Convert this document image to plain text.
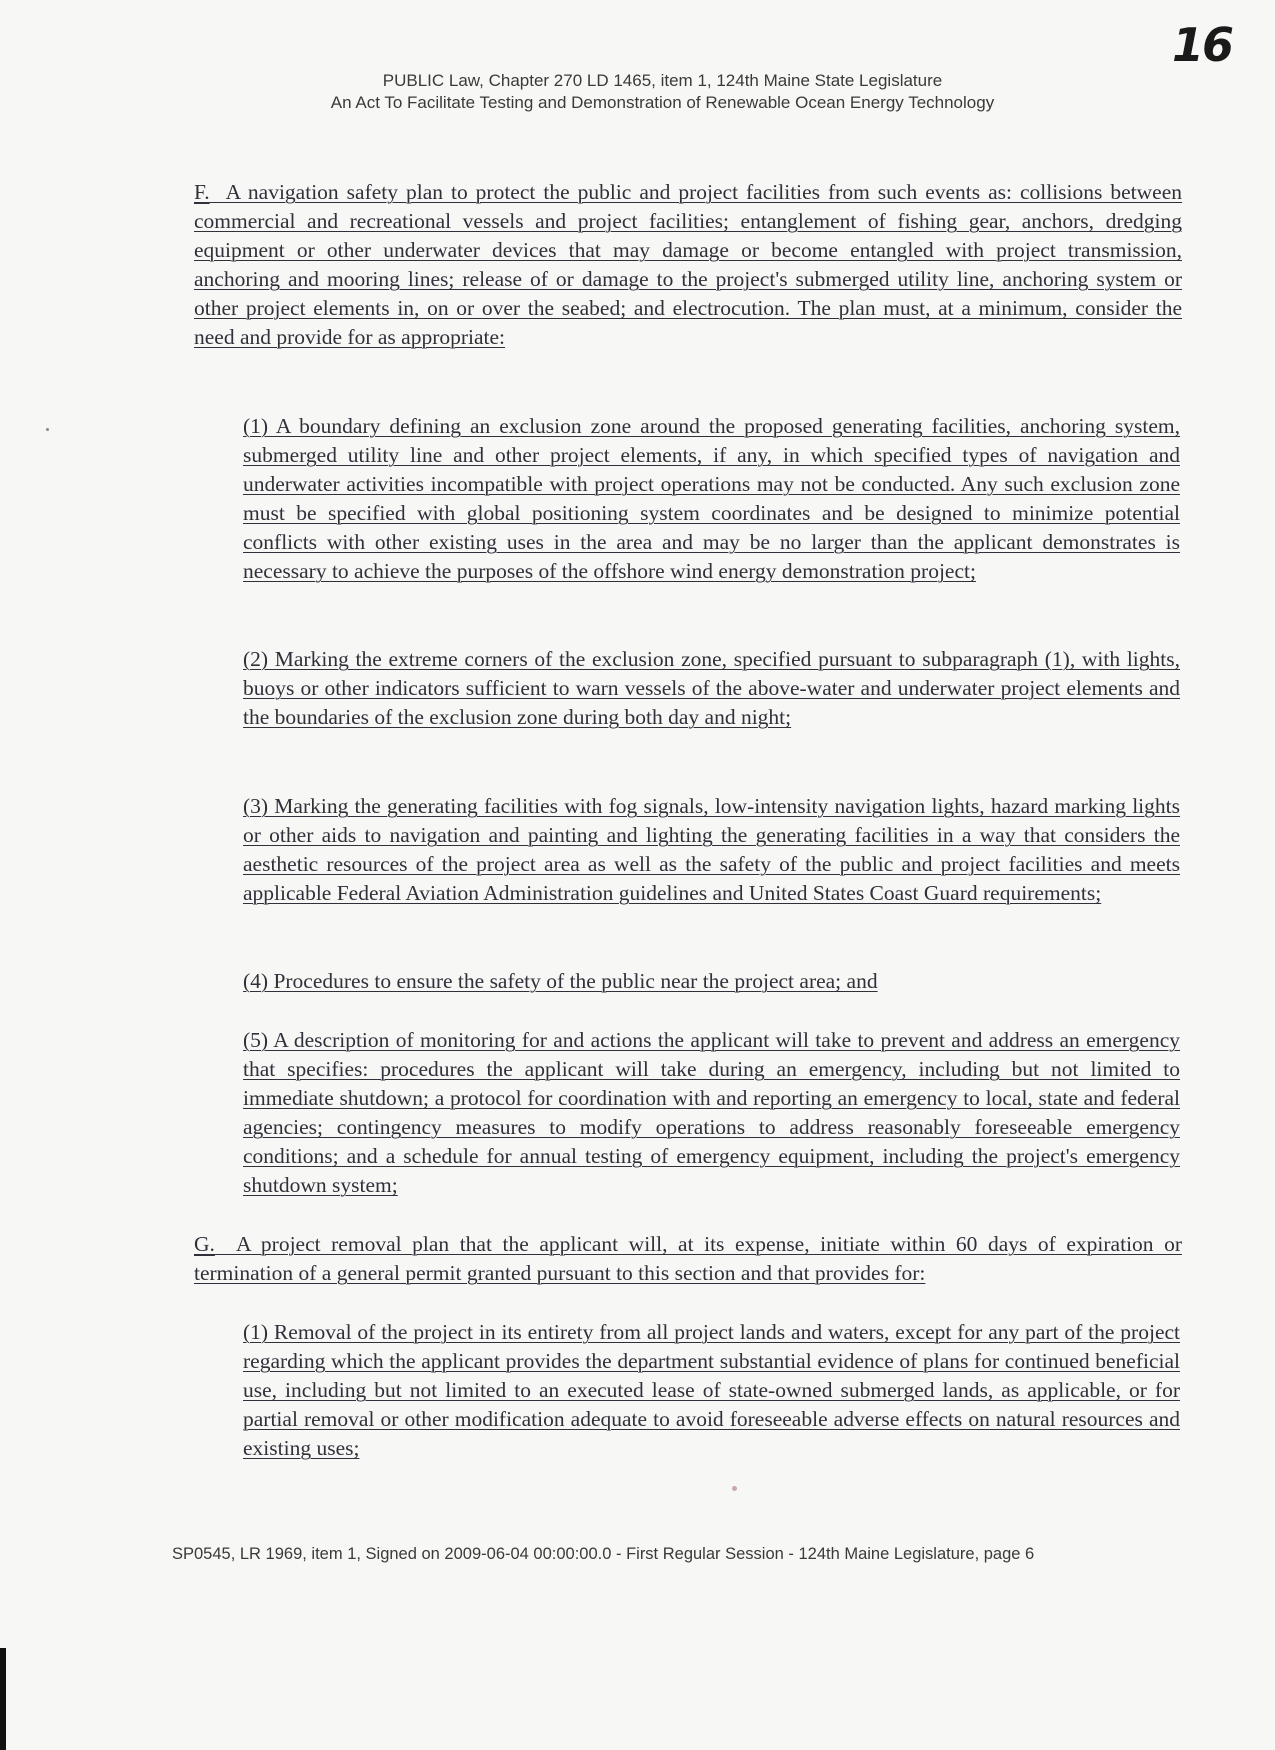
16
PUBLIC Law, Chapter 270 LD 1465, item 1, 124th Maine State Legislature
An Act To Facilitate Testing and Demonstration of Renewable Ocean Energy Technology

F. A navigation safety plan to protect the public and project facilities from such events as: collisions between commercial and recreational vessels and project facilities; entanglement of fishing gear, anchors, dredging equipment or other underwater devices that may damage or become entangled with project transmission, anchoring and mooring lines; release of or damage to the project's submerged utility line, anchoring system or other project elements in, on or over the seabed; and electrocution. The plan must, at a minimum, consider the need and provide for as appropriate:

(1) A boundary defining an exclusion zone around the proposed generating facilities, anchoring system, submerged utility line and other project elements, if any, in which specified types of navigation and underwater activities incompatible with project operations may not be conducted. Any such exclusion zone must be specified with global positioning system coordinates and be designed to minimize potential conflicts with other existing uses in the area and may be no larger than the applicant demonstrates is necessary to achieve the purposes of the offshore wind energy demonstration project;

(2) Marking the extreme corners of the exclusion zone, specified pursuant to subparagraph (1), with lights, buoys or other indicators sufficient to warn vessels of the above-water and underwater project elements and the boundaries of the exclusion zone during both day and night;

(3) Marking the generating facilities with fog signals, low-intensity navigation lights, hazard marking lights or other aids to navigation and painting and lighting the generating facilities in a way that considers the aesthetic resources of the project area as well as the safety of the public and project facilities and meets applicable Federal Aviation Administration guidelines and United States Coast Guard requirements;

(4) Procedures to ensure the safety of the public near the project area; and

(5) A description of monitoring for and actions the applicant will take to prevent and address an emergency that specifies: procedures the applicant will take during an emergency, including but not limited to immediate shutdown; a protocol for coordination with and reporting an emergency to local, state and federal agencies; contingency measures to modify operations to address reasonably foreseeable emergency conditions; and a schedule for annual testing of emergency equipment, including the project's emergency shutdown system;

G. A project removal plan that the applicant will, at its expense, initiate within 60 days of expiration or termination of a general permit granted pursuant to this section and that provides for:

(1) Removal of the project in its entirety from all project lands and waters, except for any part of the project regarding which the applicant provides the department substantial evidence of plans for continued beneficial use, including but not limited to an executed lease of state-owned submerged lands, as applicable, or for partial removal or other modification adequate to avoid foreseeable adverse effects on natural resources and existing uses;

SP0545, LR 1969, item 1, Signed on 2009-06-04 00:00:00.0 - First Regular Session - 124th Maine Legislature, page 6
